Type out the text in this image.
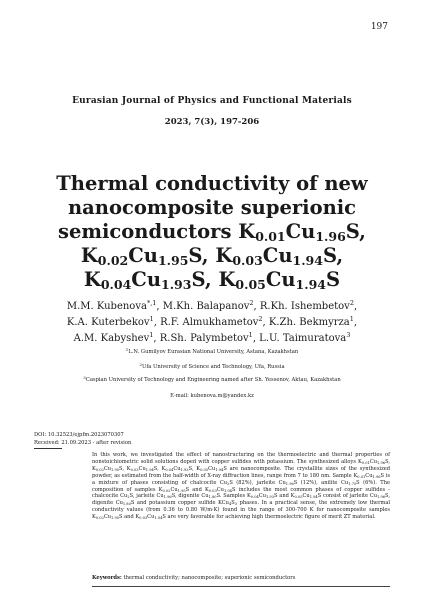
197
Eurasian Journal of Physics and Functional Materials
2023, 7(3), 197-206
Thermal conductivity of new
nanocomposite superionic
semiconductors $K_{0.01}Cu_{1.96}S$,
$K_{0.02}Cu_{1.95}S$, $K_{0.03}Cu_{1.94}S$,
$K_{0.04}Cu_{1.93}S$, $K_{0.05}Cu_{1.94}S$
M.M. Kubenova$^{*,1}$, M.Kh. Balapanov$^2$, R.Kh. Ishembetov$^2$,
K.A. Kuterbekov$^1$, R.F. Almukhametov$^2$, K.Zh. Bekmyrza$^1$,
A.M. Kabyshev$^1$, R.Sh. Palymbetov$^1$, L.U. Taimuratova$^3$
$^1$L.N. Gumilyov Eurasian National University, Astana, Kazakhstan
$^2$Ufa University of Science and Technology, Ufa, Russia
$^3$Caspian University of Technology and Engineering named after Sh. Yessenov, Aktau, Kazakhstan
E-mail: kubenova.m@yandex.kz
DOI: 10.32523/ejpfm.2023070307
Received: 21.09.2023 - after revision
In this work, we investigated the effect of nanostructuring on the thermoelectric and thermal properties of nonstoichiometric solid solutions doped with copper sulfides with potassium. The synthesized alloys $K_{0.01}Cu_{1.96}S$, $K_{0.02}Cu_{1.95}S$, $K_{0.03}Cu_{1.94}S$, $K_{0.04}Cu_{1.93}S$, $K_{0.05}Cu_{1.94}S$ are nanocomposite. The crystallite sizes of the synthesized powder, as estimated from the half-width of X-ray diffraction lines, range from 7 to 180 nm. Sample $K_{0.01}Cu_{1.96}S$ is a mixture of phases consisting of chalcocite $Cu_2S$ (82%), jarleite $Cu_{1.96}S$ (12%), anilite $Cu_{1.75}S$ (6%). The composition of samples $K_{0.02}Cu_{1.95}S$ and $K_{0.03}Cu_{1.94}S$ includes the most common phases of copper sulfides - chalcocite $Cu_2S$, jarleite $Cu_{1.96}S$, digenite $Cu_{1.80}S$. Samples $K_{0.04}Cu_{1.93}S$ and $K_{0.05}Cu_{1.94}S$ consist of jarleite $Cu_{1.96}S$, digenite $Cu_{1.80}S$ and potassium copper sulfide $KCu_4S_3$ phases. In a practical sense, the extremely low thermal conductivity values (from 0.36 to 0.80 W/m·K) found in the range of 300-700 K for nanocomposite samples $K_{0.02}Cu_{1.95}S$ and $K_{0.03}Cu_{1.94}S$ are very favorable for achieving high thermoelectric figure of merit ZT material.
Keywords: thermal conductivity; nanocomposite; superionic semiconductors
